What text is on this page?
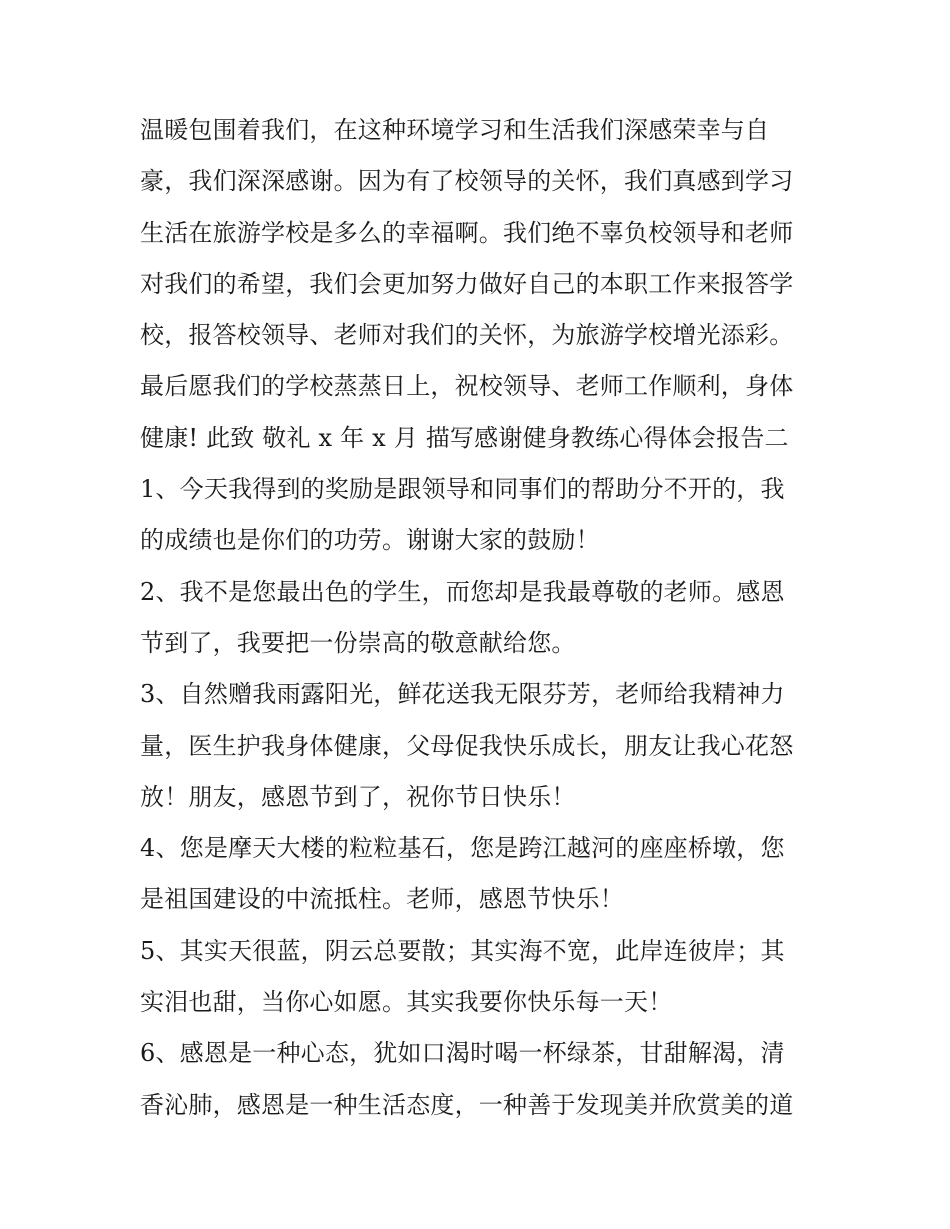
温暖包围着我们，在这种环境学习和生活我们深感荣幸与自
豪，我们深深感谢。因为有了校领导的关怀，我们真感到学习
生活在旅游学校是多么的幸福啊。我们绝不辜负校领导和老师
对我们的希望，我们会更加努力做好自己的本职工作来报答学
校，报答校领导、老师对我们的关怀，为旅游学校增光添彩。
最后愿我们的学校蒸蒸日上，祝校领导、老师工作顺利，身体
健康! 此致 敬礼 x 年 x 月 描写感谢健身教练心得体会报告二
1、今天我得到的奖励是跟领导和同事们的帮助分不开的，我
的成绩也是你们的功劳。谢谢大家的鼓励！
2、我不是您最出色的学生，而您却是我最尊敬的老师。感恩
节到了，我要把一份崇高的敬意献给您。
3、自然赠我雨露阳光，鲜花送我无限芬芳，老师给我精神力
量，医生护我身体健康，父母促我快乐成长，朋友让我心花怒
放！朋友，感恩节到了，祝你节日快乐！
4、您是摩天大楼的粒粒基石，您是跨江越河的座座桥墩，您
是祖国建设的中流抵柱。老师，感恩节快乐！
5、其实天很蓝，阴云总要散；其实海不宽，此岸连彼岸；其
实泪也甜，当你心如愿。其实我要你快乐每一天！
6、感恩是一种心态，犹如口渴时喝一杯绿茶，甘甜解渴，清
香沁肺，感恩是一种生活态度，一种善于发现美并欣赏美的道
